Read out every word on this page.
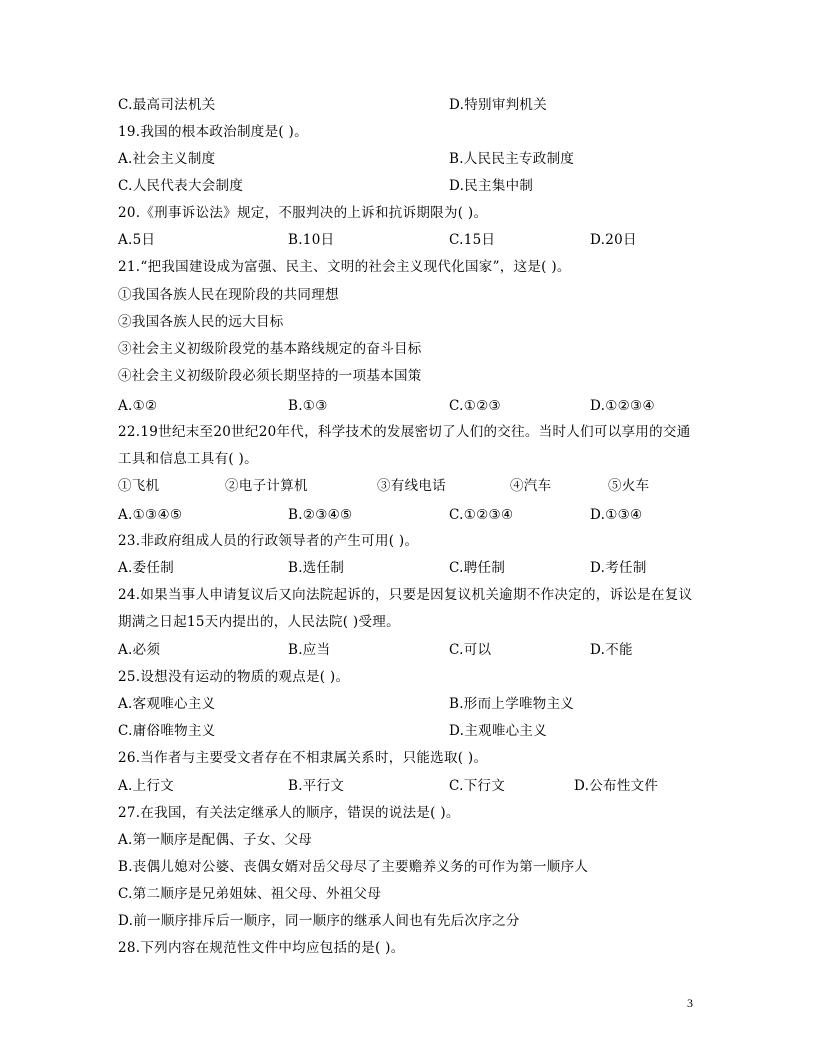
C.最高司法机关	D.特别审判机关
19.我国的根本政治制度是( )。
A.社会主义制度	B.人民民主专政制度
C.人民代表大会制度	D.民主集中制
20.《刑事诉讼法》规定，不服判决的上诉和抗诉期限为( )。
A.5日	B.10日	C.15日	D.20日
21.“把我国建设成为富强、民主、文明的社会主义现代化国家”，这是( )。
①我国各族人民在现阶段的共同理想
②我国各族人民的远大目标
③社会主义初级阶段党的基本路线规定的奋斗目标
④社会主义初级阶段必须长期坚持的一项基本国策
A.①②	B.①③	C.①②③	D.①②③④
22.19世纪末至20世纪20年代，科学技术的发展密切了人们的交往。当时人们可以享用的交通工具和信息工具有( )。
①飞机	②电子计算机	③有线电话	④汽车	⑤火车
A.①③④⑤	B.②③④⑤	C.①②③④	D.①③④
23.非政府组成人员的行政领导者的产生可用( )。
A.委任制	B.选任制	C.聘任制	D.考任制
24.如果当事人申请复议后又向法院起诉的，只要是因复议机关逾期不作决定的，诉讼是在复议期满之日起15天内提出的，人民法院( )受理。
A.必须	B.应当	C.可以	D.不能
25.设想没有运动的物质的观点是( )。
A.客观唯心主义	B.形而上学唯物主义
C.庸俗唯物主义	D.主观唯心主义
26.当作者与主要受文者存在不相隶属关系时，只能选取( )。
A.上行文	B.平行文	C.下行文	D.公布性文件
27.在我国，有关法定继承人的顺序，错误的说法是( )。
A.第一顺序是配偶、子女、父母
B.丧偶儿媳对公婆、丧偶女婿对岳父母尽了主要赡养义务的可作为第一顺序人
C.第二顺序是兄弟姐妹、祖父母、外祖父母
D.前一顺序排斥后一顺序，同一顺序的继承人间也有先后次序之分
28.下列内容在规范性文件中均应包括的是( )。
3
